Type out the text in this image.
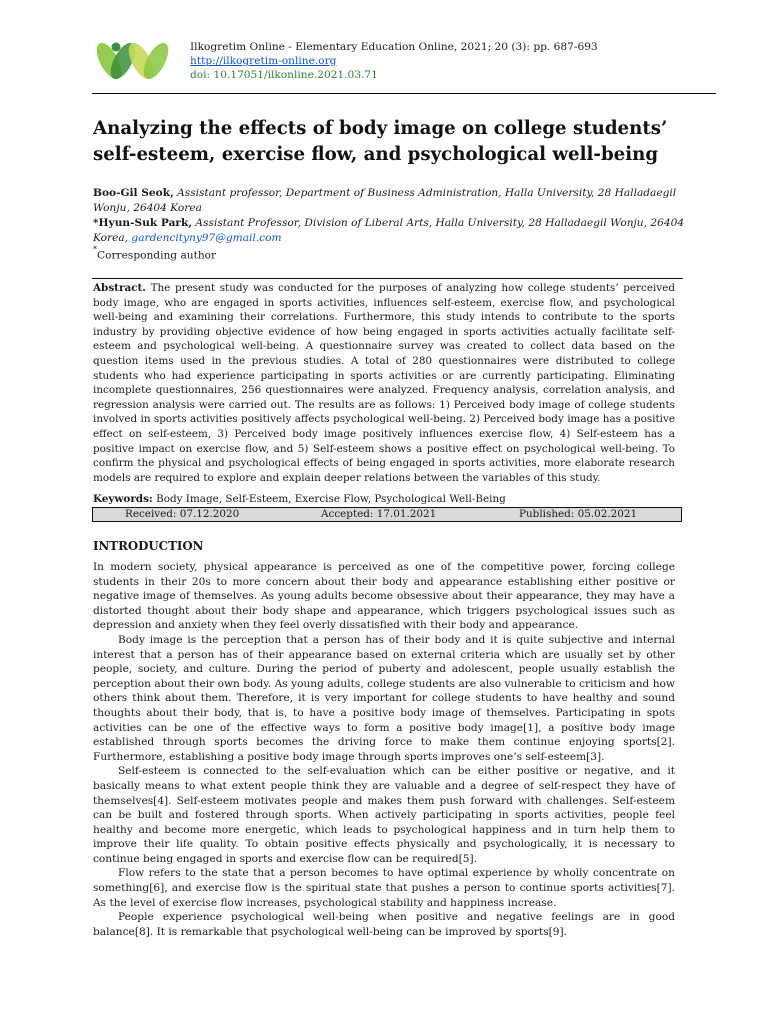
Ilkogretim Online - Elementary Education Online, 2021; 20 (3): pp. 687-693
http://ilkogretim-online.org
doi: 10.17051/ilkonline.2021.03.71
Analyzing the effects of body image on college students’ self-esteem, exercise flow, and psychological well-being
Boo-Gil Seok, Assistant professor, Department of Business Administration, Halla University, 28 Halladaegil Wonju, 26404 Korea
*Hyun-Suk Park, Assistant Professor, Division of Liberal Arts, Halla University, 28 Halladaegil Wonju, 26404 Korea, gardencityny97@gmail.com
*Corresponding author
Abstract. The present study was conducted for the purposes of analyzing how college students’ perceived body image, who are engaged in sports activities, influences self-esteem, exercise flow, and psychological well-being and examining their correlations. Furthermore, this study intends to contribute to the sports industry by providing objective evidence of how being engaged in sports activities actually facilitate self-esteem and psychological well-being. A questionnaire survey was created to collect data based on the question items used in the previous studies. A total of 280 questionnaires were distributed to college students who had experience participating in sports activities or are currently participating. Eliminating incomplete questionnaires, 256 questionnaires were analyzed. Frequency analysis, correlation analysis, and regression analysis were carried out. The results are as follows: 1) Perceived body image of college students involved in sports activities positively affects psychological well-being. 2) Perceived body image has a positive effect on self-esteem, 3) Perceived body image positively influences exercise flow, 4) Self-esteem has a positive impact on exercise flow, and 5) Self-esteem shows a positive effect on psychological well-being. To confirm the physical and psychological effects of being engaged in sports activities, more elaborate research models are required to explore and explain deeper relations between the variables of this study.
Keywords: Body Image, Self-Esteem, Exercise Flow, Psychological Well-Being
Received: 07.12.2020	Accepted: 17.01.2021	Published: 05.02.2021
INTRODUCTION

In modern society, physical appearance is perceived as one of the competitive power, forcing college students in their 20s to more concern about their body and appearance establishing either positive or negative image of themselves. As young adults become obsessive about their appearance, they may have a distorted thought about their body shape and appearance, which triggers psychological issues such as depression and anxiety when they feel overly dissatisfied with their body and appearance.

Body image is the perception that a person has of their body and it is quite subjective and internal interest that a person has of their appearance based on external criteria which are usually set by other people, society, and culture. During the period of puberty and adolescent, people usually establish the perception about their own body. As young adults, college students are also vulnerable to criticism and how others think about them. Therefore, it is very important for college students to have healthy and sound thoughts about their body, that is, to have a positive body image of themselves. Participating in spots activities can be one of the effective ways to form a positive body image[1], a positive body image established through sports becomes the driving force to make them continue enjoying sports[2]. Furthermore, establishing a positive body image through sports improves one’s self-esteem[3].

Self-esteem is connected to the self-evaluation which can be either positive or negative, and it basically means to what extent people think they are valuable and a degree of self-respect they have of themselves[4]. Self-esteem motivates people and makes them push forward with challenges. Self-esteem can be built and fostered through sports. When actively participating in sports activities, people feel healthy and become more energetic, which leads to psychological happiness and in turn help them to improve their life quality. To obtain positive effects physically and psychologically, it is necessary to continue being engaged in sports and exercise flow can be required[5].

Flow refers to the state that a person becomes to have optimal experience by wholly concentrate on something[6], and exercise flow is the spiritual state that pushes a person to continue sports activities[7]. As the level of exercise flow increases, psychological stability and happiness increase.

People experience psychological well-being when positive and negative feelings are in good balance[8]. It is remarkable that psychological well-being can be improved by sports[9].
